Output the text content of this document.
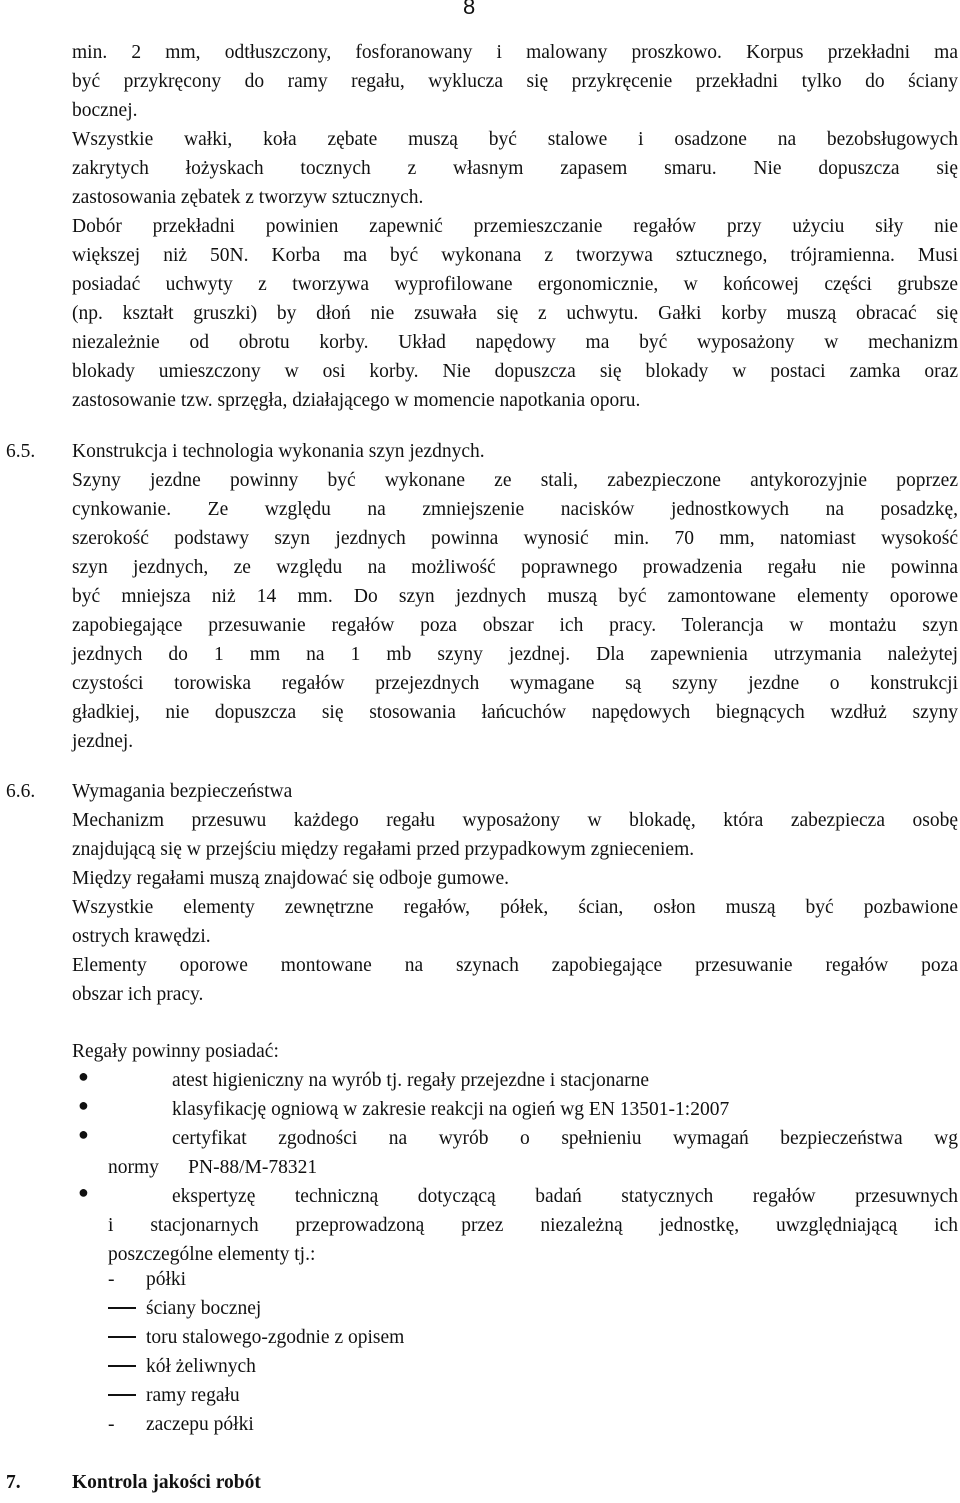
8
min. 2 mm, odtłuszczony, fosforanowany i malowany proszkowo. Korpus przekładni ma
być przykręcony do ramy regału, wyklucza się przykręcenie przekładni tylko do ściany
bocznej.
Wszystkie wałki, koła zębate muszą być stalowe i osadzone na bezobsługowych
zakrytych łożyskach tocznych z własnym zapasem smaru. Nie dopuszcza się
zastosowania zębatek z tworzyw sztucznych.
Dobór przekładni powinien zapewnić przemieszczanie regałów przy użyciu siły nie
większej niż 50N. Korba ma być wykonana z tworzywa sztucznego, trójramienna. Musi
posiadać uchwyty z tworzywa wyprofilowane ergonomicznie, w końcowej części grubsze
(np. kształt gruszki) by dłoń nie zsuwała się z uchwytu. Gałki korby muszą obracać się
niezależnie od obrotu korby. Układ napędowy ma być wyposażony w mechanizm
blokady umieszczony w osi korby. Nie dopuszcza się blokady w postaci zamka oraz
zastosowanie tzw. sprzęgła, działającego w momencie napotkania oporu.
6.5. Konstrukcja i technologia wykonania szyn jezdnych.
Szyny jezdne powinny być wykonane ze stali, zabezpieczone antykorozyjnie poprzez
cynkowanie. Ze względu na zmniejszenie nacisków jednostkowych na posadzkę,
szerokość podstawy szyn jezdnych powinna wynosić min. 70 mm, natomiast wysokość
szyn jezdnych, ze względu na możliwość poprawnego prowadzenia regału nie powinna
być mniejsza niż 14 mm. Do szyn jezdnych muszą być zamontowane elementy oporowe
zapobiegające przesuwanie regałów poza obszar ich pracy. Tolerancja w montażu szyn
jezdnych do 1 mm na 1 mb szyny jezdnej. Dla zapewnienia utrzymania należytej
czystości torowiska regałów przejezdnych wymagane są szyny jezdne o konstrukcji
gładkiej, nie dopuszcza się stosowania łańcuchów napędowych biegnących wzdłuż szyny
jezdnej.
6.6. Wymagania bezpieczeństwa
Mechanizm przesuwu każdego regału wyposażony w blokadę, która zabezpiecza osobę
znajdującą się w przejściu między regałami przed przypadkowym zgnieceniem.
Między regałami muszą znajdować się odboje gumowe.
Wszystkie elementy zewnętrzne regałów, półek, ścian, osłon muszą być pozbawione
ostrych krawędzi.
Elementy oporowe montowane na szynach zapobiegające przesuwanie regałów poza
obszar ich pracy.
Regały powinny posiadać:
●	atest higieniczny na wyrób tj. regały przejezdne i stacjonarne
●	klasyfikację ogniową w zakresie reakcji na ogień wg EN 13501-1:2007
●	certyfikat zgodności na wyrób o spełnieniu wymagań bezpieczeństwa wg
normy      PN-88/M-78321
●	ekspertyzę techniczną dotyczącą badań statycznych regałów przesuwnych
i stacjonarnych przeprowadzoną przez niezależną jednostkę, uwzględniającą ich
poszczególne elementy tj.:
- półki
ściany bocznej
toru stalowego-zgodnie z opisem
kół żeliwnych
ramy regału
- zaczepu półki
7.	Kontrola jakości robót
